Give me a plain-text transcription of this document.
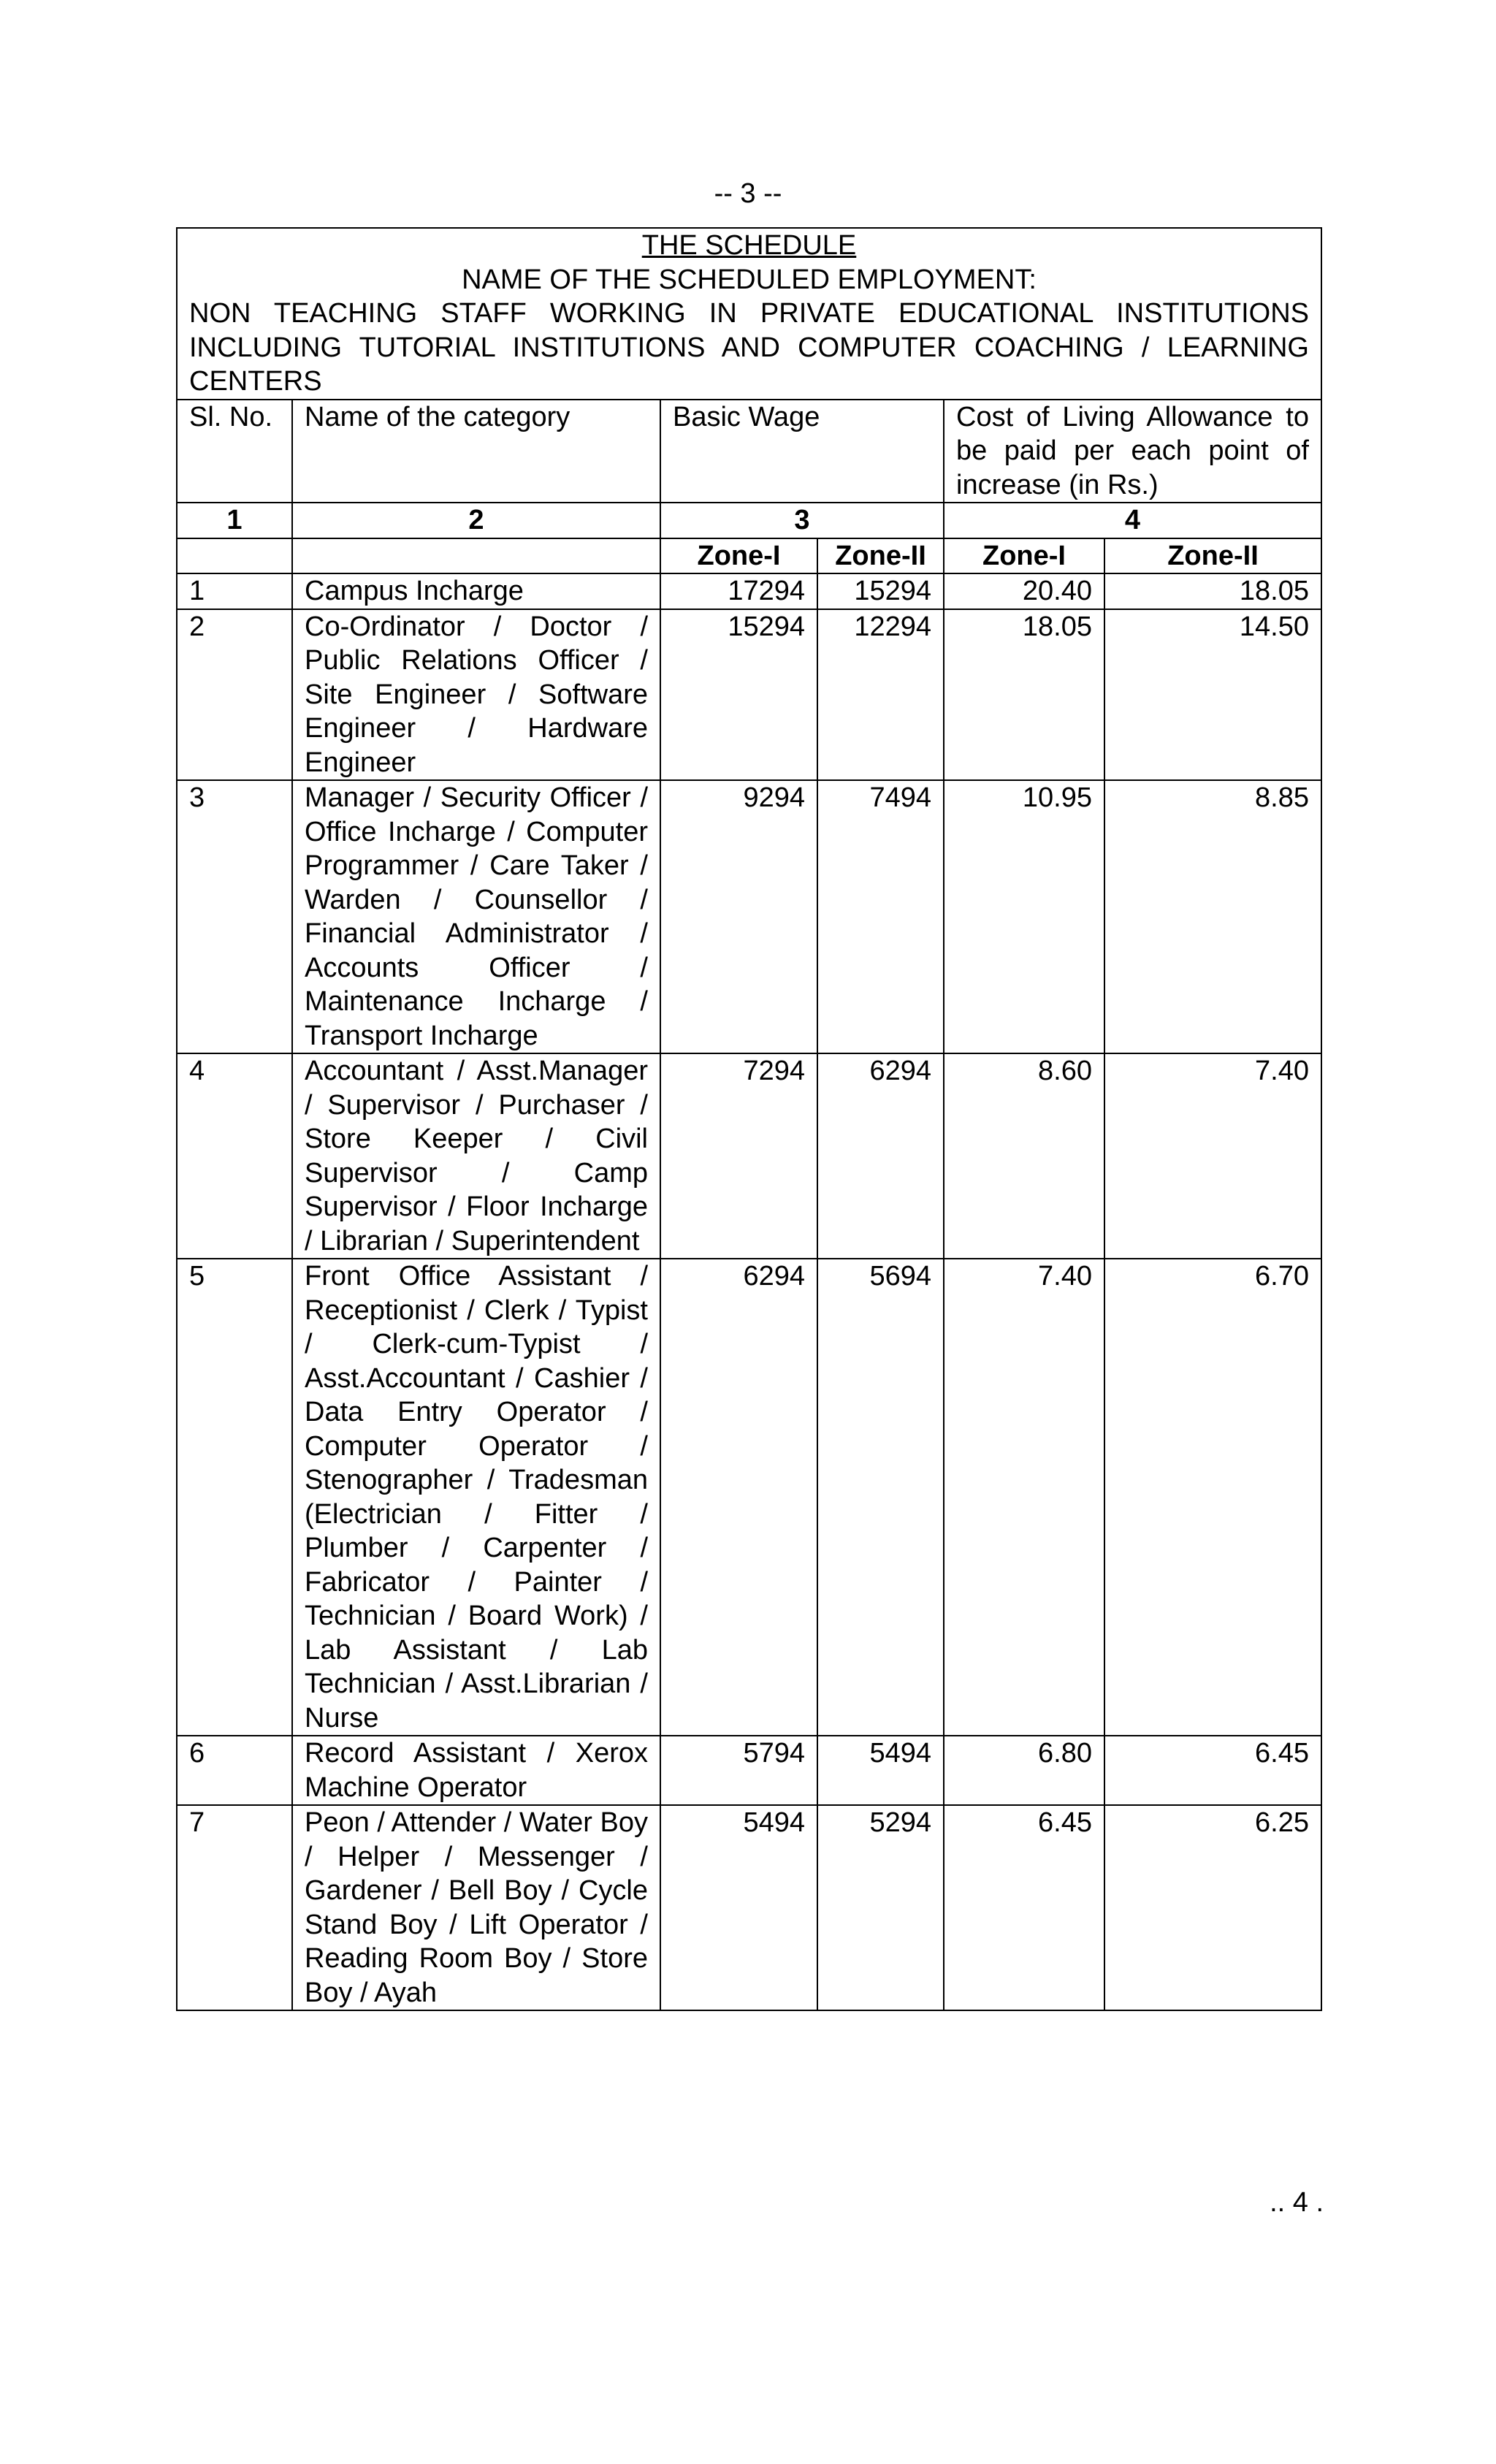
-- 3 --
THE SCHEDULE
NAME OF THE SCHEDULED EMPLOYMENT:
NON TEACHING STAFF WORKING IN PRIVATE EDUCATIONAL INSTITUTIONS
INCLUDING TUTORIAL INSTITUTIONS AND COMPUTER COACHING / LEARNING
CENTERS					

Sl. No.	Name of the category	Basic Wage		Cost of Living Allowance to be paid per each point of increase (in Rs.)	
1	2	3		4	
		Zone-I	Zone-II	Zone-I	Zone-II
1	Campus Incharge	17294	15294	20.40	18.05
2	Co-Ordinator / Doctor / Public Relations Officer / Site Engineer / Software Engineer / Hardware Engineer	15294	12294	18.05	14.50
3	Manager / Security Officer / Office Incharge / Computer Programmer / Care Taker / Warden / Counsellor / Financial Administrator / Accounts Officer / Maintenance Incharge / Transport Incharge	9294	7494	10.95	8.85
4	Accountant / Asst.Manager / Supervisor / Purchaser / Store Keeper / Civil Supervisor / Camp Supervisor / Floor Incharge / Librarian / Superintendent	7294	6294	8.60	7.40
5	Front Office Assistant / Receptionist / Clerk / Typist / Clerk-cum-Typist / Asst.Accountant / Cashier / Data Entry Operator / Computer Operator / Stenographer / Tradesman (Electrician / Fitter / Plumber / Carpenter / Fabricator / Painter / Technician / Board Work) / Lab Assistant / Lab Technician / Asst.Librarian / Nurse	6294	5694	7.40	6.70
6	Record Assistant / Xerox Machine Operator	5794	5494	6.80	6.45
7	Peon / Attender / Water Boy / Helper / Messenger / Gardener / Bell Boy / Cycle Stand Boy / Lift Operator / Reading Room Boy / Store Boy / Ayah	5494	5294	6.45	6.25
.. 4 .
